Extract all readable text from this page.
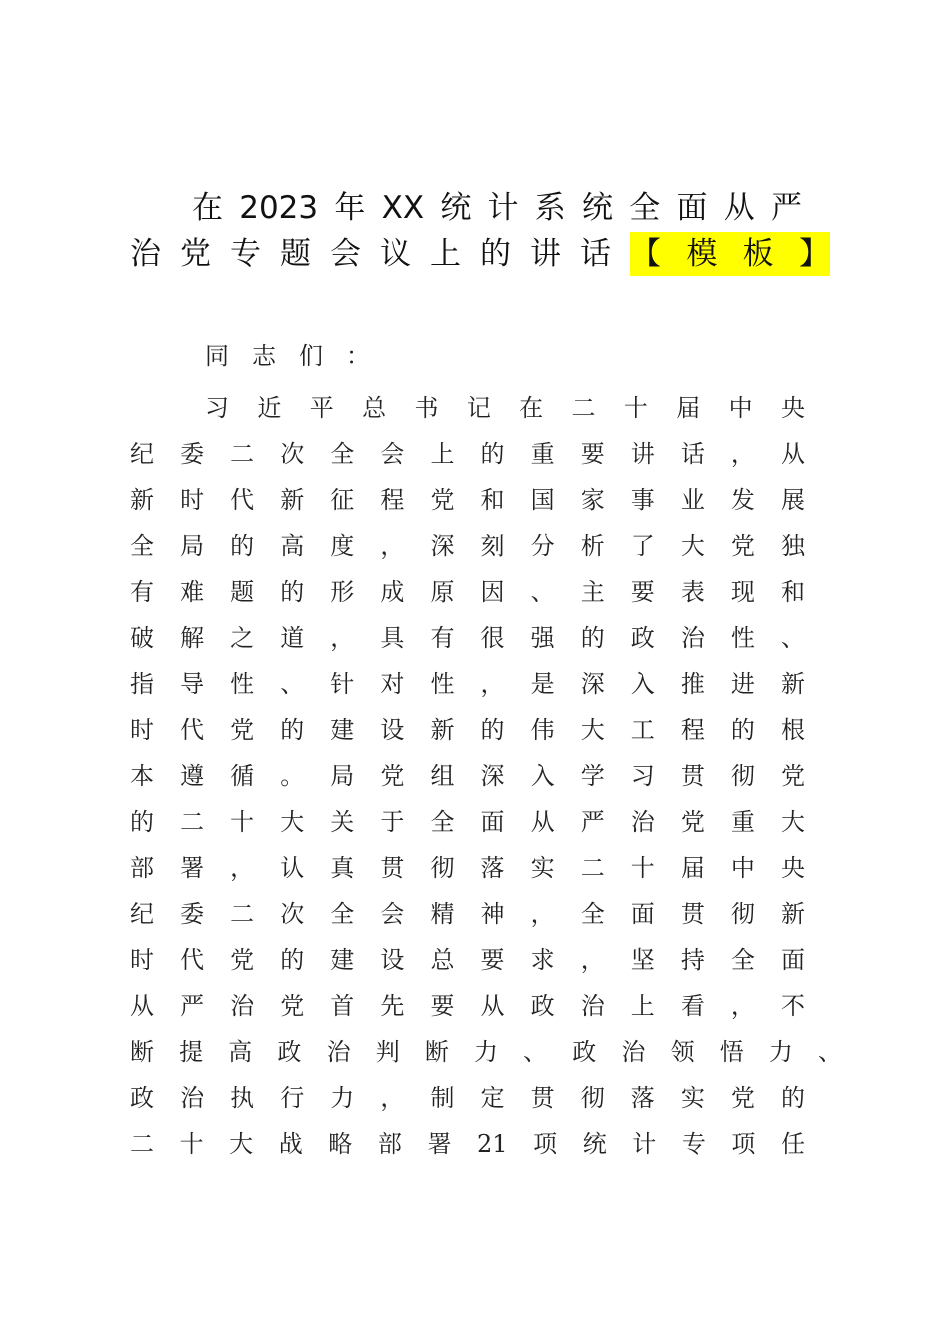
在2023年XX统计系统全面从严
治党专题会议上的讲话【模板】
同志们：
习近平总书记在二十届中央
纪委二次全会上的重要讲话，从
新时代新征程党和国家事业发展
全局的高度，深刻分析了大党独
有难题的形成原因、主要表现和
破解之道，具有很强的政治性、
指导性、针对性，是深入推进新
时代党的建设新的伟大工程的根
本遵循。局党组深入学习贯彻党
的二十大关于全面从严治党重大
部署，认真贯彻落实二十届中央
纪委二次全会精神，全面贯彻新
时代党的建设总要求，坚持全面
从严治党首先要从政治上看，不
断提高政治判断力、政治领悟力、
政治执行力，制定贯彻落实党的
二十大战略部署21项统计专项任
